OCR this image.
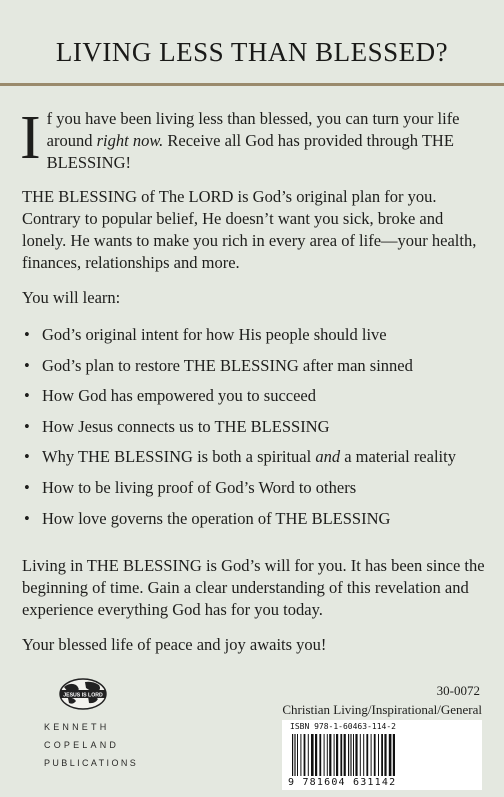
LIVING LESS THAN BLESSED?

If you have been living less than blessed, you can turn your life around right now. Receive all God has provided through THE BLESSING!

THE BLESSING of The LORD is God’s original plan for you. Contrary to popular belief, He doesn’t want you sick, broke and lonely. He wants to make you rich in every area of life—your health, finances, relationships and more.

You will learn:

• God’s original intent for how His people should live
• God’s plan to restore THE BLESSING after man sinned
• How God has empowered you to succeed
• How Jesus connects us to THE BLESSING
• Why THE BLESSING is both a spiritual and a material reality
• How to be living proof of God’s Word to others
• How love governs the operation of THE BLESSING

Living in THE BLESSING is God’s will for you. It has been since the beginning of time. Gain a clear understanding of this revelation and experience everything God has for you today.

Your blessed life of peace and joy awaits you!

JESUS IS LORD
KENNETH
COPELAND
PUBLICATIONS
30-0072
Christian Living/Inspirational/General
ISBN 978-1-60463-114-2
9 781604 631142
